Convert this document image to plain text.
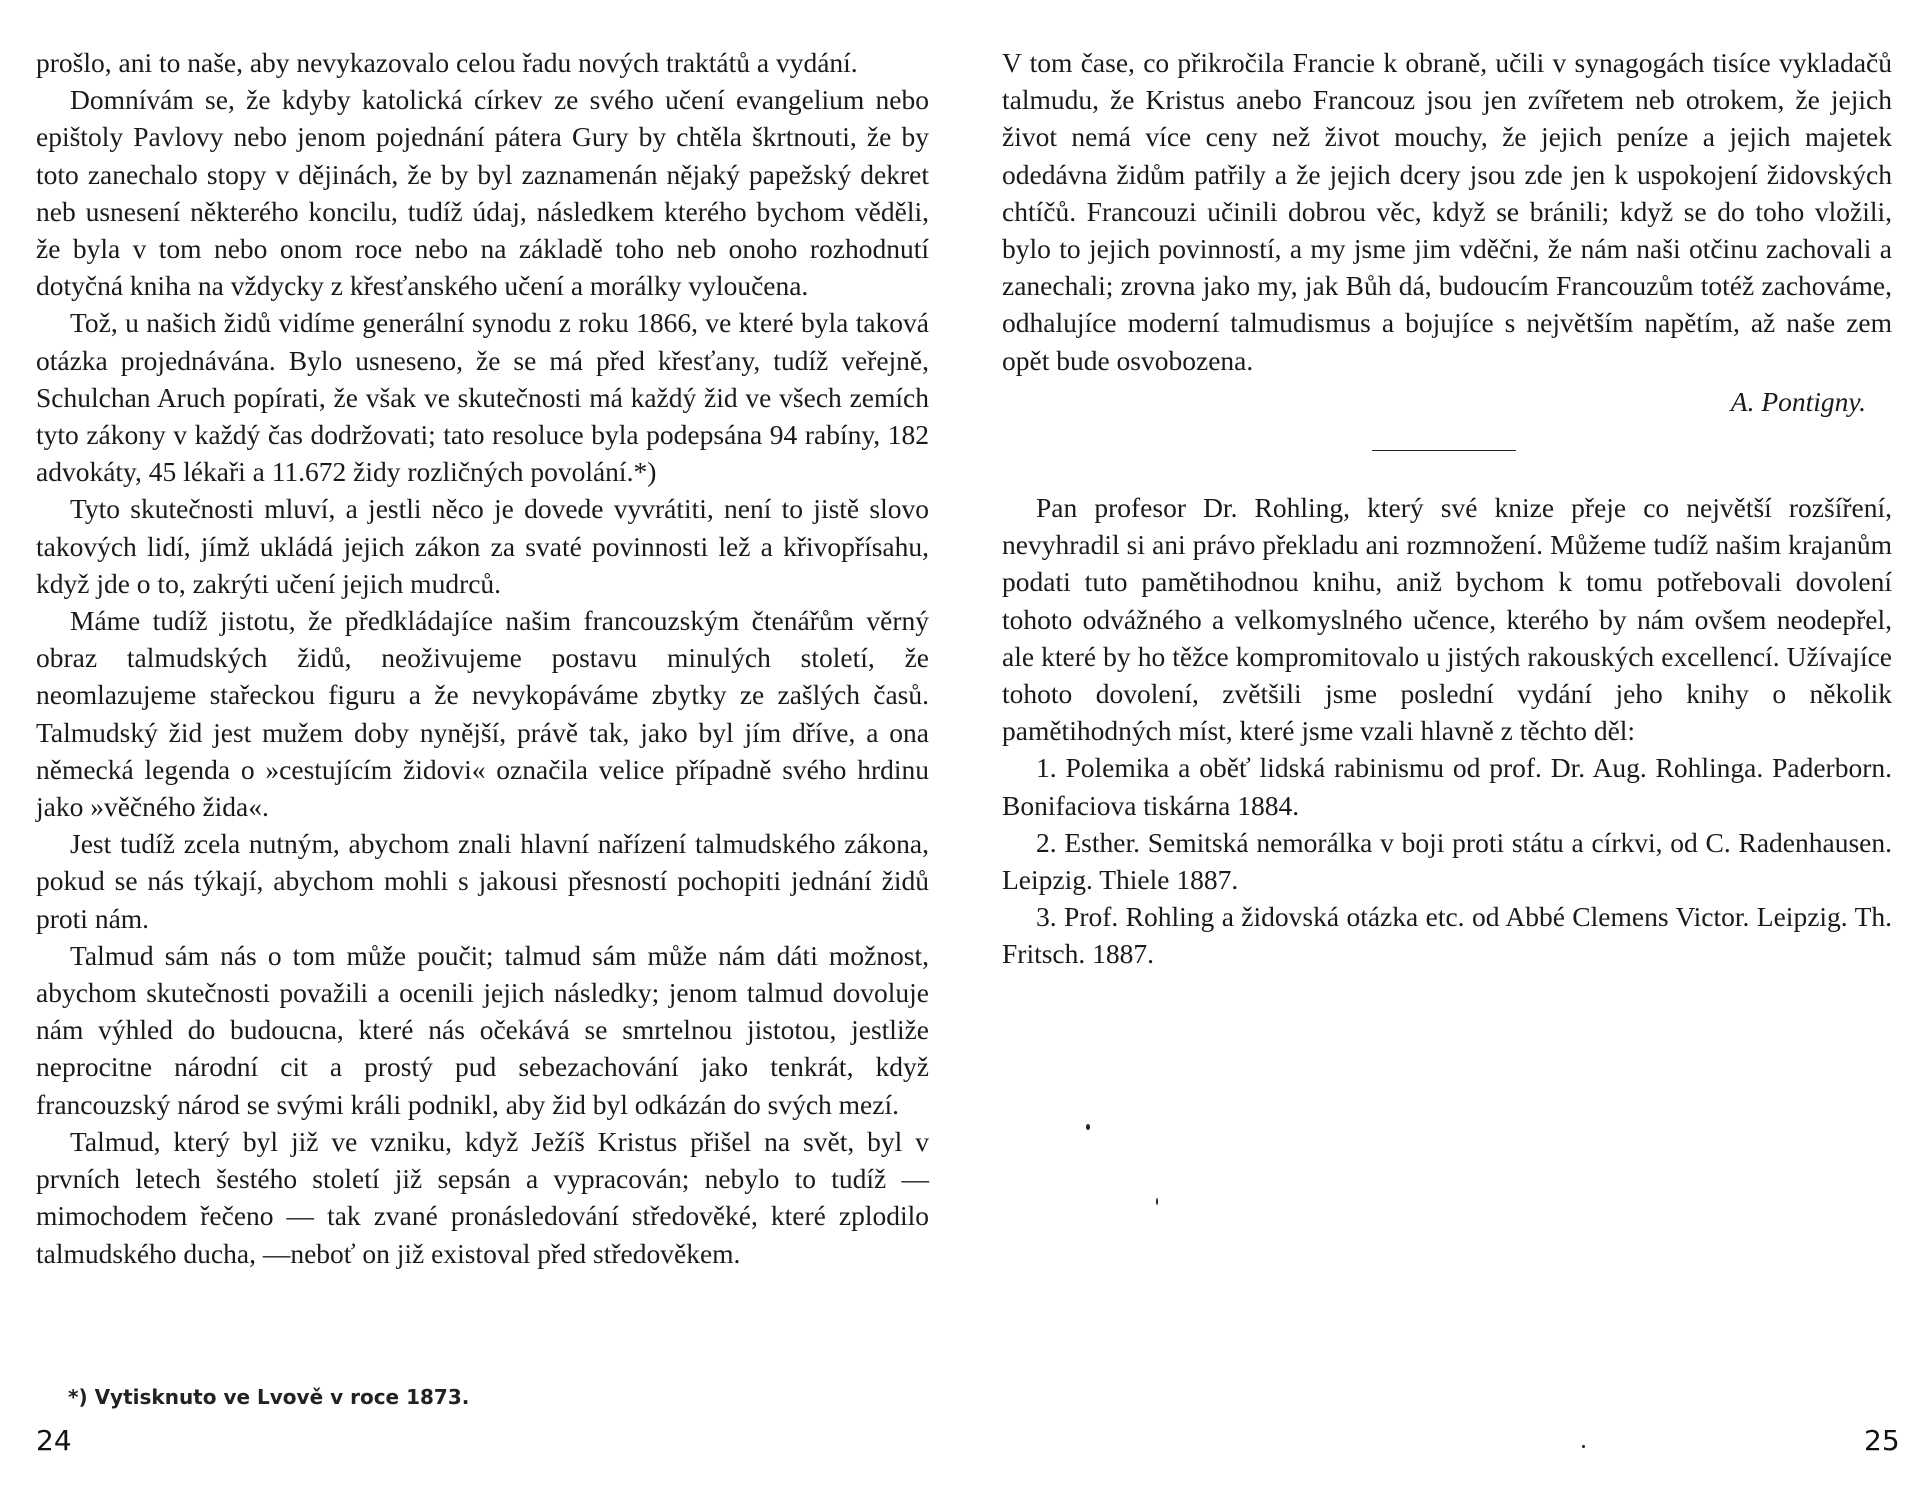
prošlo, ani to naše, aby nevykazovalo celou řadu nových traktátů a vydání.

Domnívám se, že kdyby katolická církev ze svého učení evangelium nebo epištoly Pavlovy nebo jenom pojednání pátera Gury by chtěla škrtnouti, že by toto zanechalo stopy v dějinách, že by byl zaznamenán nějaký papežský dekret neb usnesení některého koncilu, tudíž údaj, následkem kterého bychom věděli, že byla v tom nebo onom roce nebo na základě toho neb onoho rozhodnutí dotyčná kniha na vždycky z křesťanského učení a morálky vyloučena.

Tož, u našich židů vidíme generální synodu z roku 1866, ve které byla taková otázka projednávána. Bylo usneseno, že se má před křesťany, tudíž veřejně, Schulchan Aruch popírati, že však ve skutečnosti má každý žid ve všech zemích tyto zákony v každý čas dodržovati; tato resoluce byla podepsána 94 rabíny, 182 advokáty, 45 lékaři a 11.672 židy rozličných povolání.*)

Tyto skutečnosti mluví, a jestli něco je dovede vyvrátiti, není to jistě slovo takových lidí, jímž ukládá jejich zákon za svaté povinnosti lež a křivopřísahu, když jde o to, zakrýti učení jejich mudrců.

Máme tudíž jistotu, že předkládajíce našim francouzským čtenářům věrný obraz talmudských židů, neoživujeme postavu minulých století, že neomlazujeme stařeckou figuru a že nevykopáváme zbytky ze zašlých časů. Talmudský žid jest mužem doby nynější, právě tak, jako byl jím dříve, a ona německá legenda o »cestujícím židovi« označila velice případně svého hrdinu jako »věčného žida«.

Jest tudíž zcela nutným, abychom znali hlavní nařízení talmudského zákona, pokud se nás týkají, abychom mohli s jakousi přesností pochopiti jednání židů proti nám.

Talmud sám nás o tom může poučit; talmud sám může nám dáti možnost, abychom skutečnosti považili a ocenili jejich následky; jenom talmud dovoluje nám výhled do budoucna, které nás očekává se smrtelnou jistotou, jestliže neprocitne národní cit a prostý pud sebezachování jako tenkrát, když francouzský národ se svými králi podnikl, aby žid byl odkázán do svých mezí.

Talmud, který byl již ve vzniku, když Ježíš Kristus přišel na svět, byl v prvních letech šestého století již sepsán a vypracován; nebylo to tudíž — mimochodem řečeno — tak zvané pronásledování středověké, které zplodilo talmudského ducha, —neboť on již existoval před středověkem.

*) Vytisknuto ve Lvově v roce 1873.
24	25

V tom čase, co přikročila Francie k obraně, učili v synagogách tisíce vykladačů talmudu, že Kristus anebo Francouz jsou jen zvířetem neb otrokem, že jejich život nemá více ceny než život mouchy, že jejich peníze a jejich majetek odedávna židům patřily a že jejich dcery jsou zde jen k uspokojení židovských chtíčů. Francouzi učinili dobrou věc, když se bránili; když se do toho vložili, bylo to jejich povinností, a my jsme jim vděčni, že nám naši otčinu zachovali a zanechali; zrovna jako my, jak Bůh dá, budoucím Francouzům totéž zachováme, odhalujíce moderní talmudismus a bojujíce s největším napětím, až naše zem opět bude osvobozena.

A. Pontigny.

Pan profesor Dr. Rohling, který své knize přeje co největší rozšíření, nevyhradil si ani právo překladu ani rozmnožení. Můžeme tudíž našim krajanům podati tuto pamětihodnou knihu, aniž bychom k tomu potřebovali dovolení tohoto odvážného a velkomyslného učence, kterého by nám ovšem neodepřel, ale které by ho těžce kompromitovalo u jistých rakouských excellencí. Užívajíce tohoto dovolení, zvětšili jsme poslední vydání jeho knihy o několik pamětihodných míst, které jsme vzali hlavně z těchto děl:

1. Polemika a oběť lidská rabinismu od prof. Dr. Aug. Rohlinga. Paderborn. Bonifaciova tiskárna 1884.

2. Esther. Semitská nemorálka v boji proti státu a církvi, od C. Radenhausen. Leipzig. Thiele 1887.

3. Prof. Rohling a židovská otázka etc. od Abbé Clemens Victor. Leipzig. Th. Fritsch. 1887.
